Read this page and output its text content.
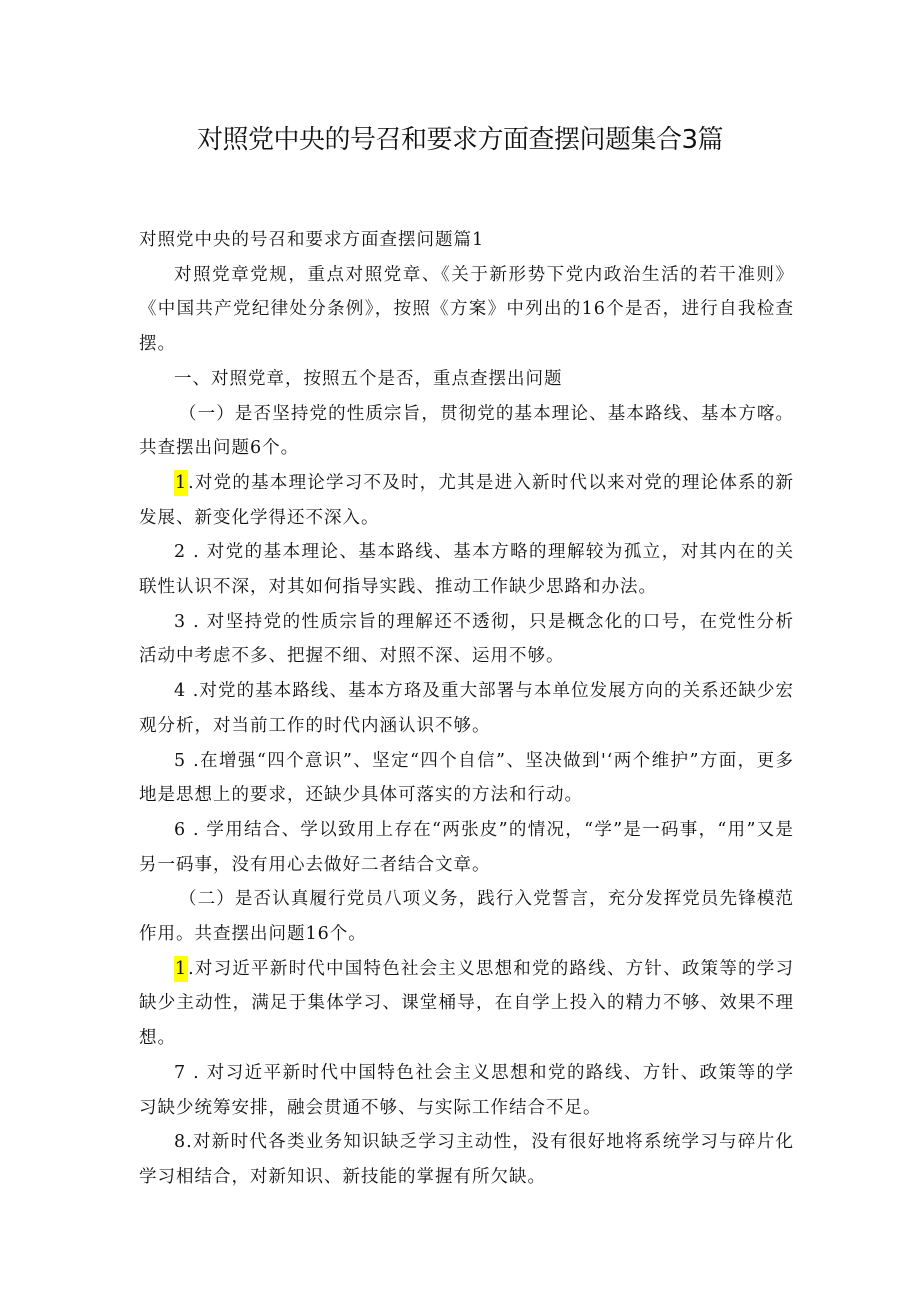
对照党中央的号召和要求方面查摆问题集合3篇

对照党中央的号召和要求方面查摆问题篇1

对照党章党规，重点对照党章、《关于新形势下党内政治生活的若干准则》《中国共产党纪律处分条例》，按照《方案》中列出的16个是否，进行自我检查摆。

一、对照党章，按照五个是否，重点查摆出问题

（一）是否坚持党的性质宗旨，贯彻党的基本理论、基本路线、基本方喀。共查摆出问题6个。

1.对党的基本理论学习不及时，尤其是进入新时代以来对党的理论体系的新发展、新变化学得还不深入。

2 . 对党的基本理论、基本路线、基本方略的理解较为孤立，对其内在的关联性认识不深，对其如何指导实践、推动工作缺少思路和办法。

3 . 对坚持党的性质宗旨的理解还不透彻，只是概念化的口号，在党性分析活动中考虑不多、把握不细、对照不深、运用不够。

4 .对党的基本路线、基本方珞及重大部署与本单位发展方向的关系还缺少宏观分析，对当前工作的时代内涵认识不够。

5 .在增强“四个意识”、坚定“四个自信”、坚决做到'‘两个维护”方面，更多地是思想上的要求，还缺少具体可落实的方法和行动。

6 . 学用结合、学以致用上存在“两张皮”的情况，“学”是一码事，“用”又是另一码事，没有用心去做好二者结合文章。

（二）是否认真履行党员八项义务，践行入党誓言，充分发挥党员先锋模范作用。共查摆出问题16个。

1.对习近平新时代中国特色社会主义思想和党的路线、方针、政策等的学习缺少主动性，满足于集体学习、课堂桶导，在自学上投入的精力不够、效果不理想。

7 . 对习近平新时代中国特色社会主义思想和党的路线、方针、政策等的学习缺少统筹安排，融会贯通不够、与实际工作结合不足。

8.对新时代各类业务知识缺乏学习主动性，没有很好地将系统学习与碎片化学习相结合，对新知识、新技能的掌握有所欠缺。
